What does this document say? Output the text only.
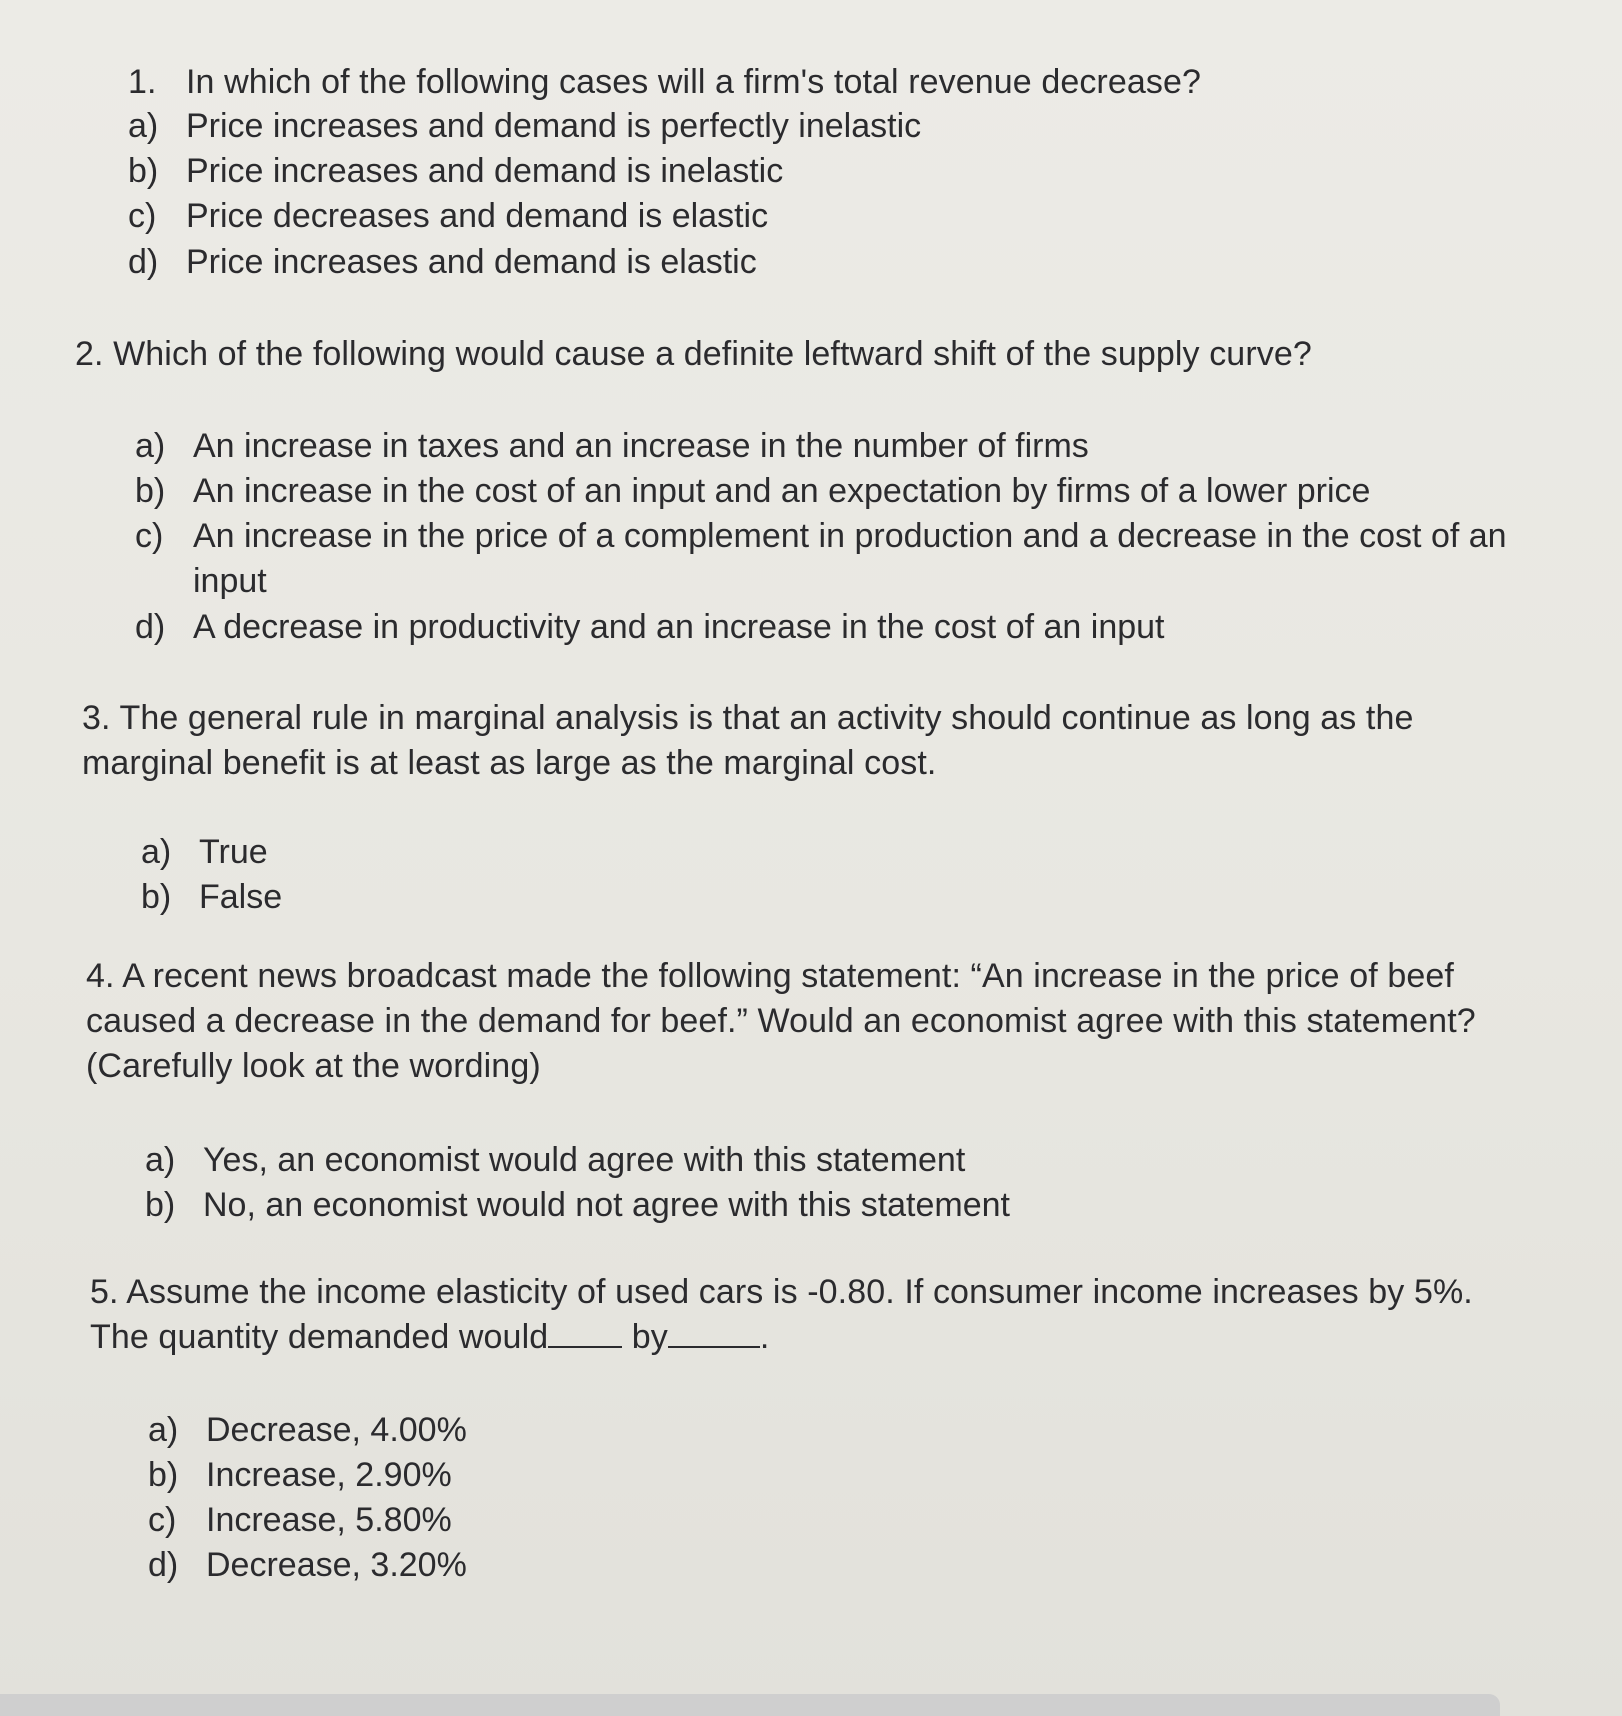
1. In which of the following cases will a firm's total revenue decrease?
a) Price increases and demand is perfectly inelastic
b) Price increases and demand is inelastic
c) Price decreases and demand is elastic
d) Price increases and demand is elastic
2. Which of the following would cause a definite leftward shift of the supply curve?
a) An increase in taxes and an increase in the number of firms
b) An increase in the cost of an input and an expectation by firms of a lower price
c) An increase in the price of a complement in production and a decrease in the cost of an input
d) A decrease in productivity and an increase in the cost of an input
3. The general rule in marginal analysis is that an activity should continue as long as the marginal benefit is at least as large as the marginal cost.
a) True
b) False
4. A recent news broadcast made the following statement: “An increase in the price of beef caused a decrease in the demand for beef.” Would an economist agree with this statement? (Carefully look at the wording)
a) Yes, an economist would agree with this statement
b) No, an economist would not agree with this statement
5. Assume the income elasticity of used cars is -0.80. If consumer income increases by 5%. The quantity demanded would by	.
a) Decrease, 4.00%
b) Increase, 2.90%
c) Increase, 5.80%
d) Decrease, 3.20%
